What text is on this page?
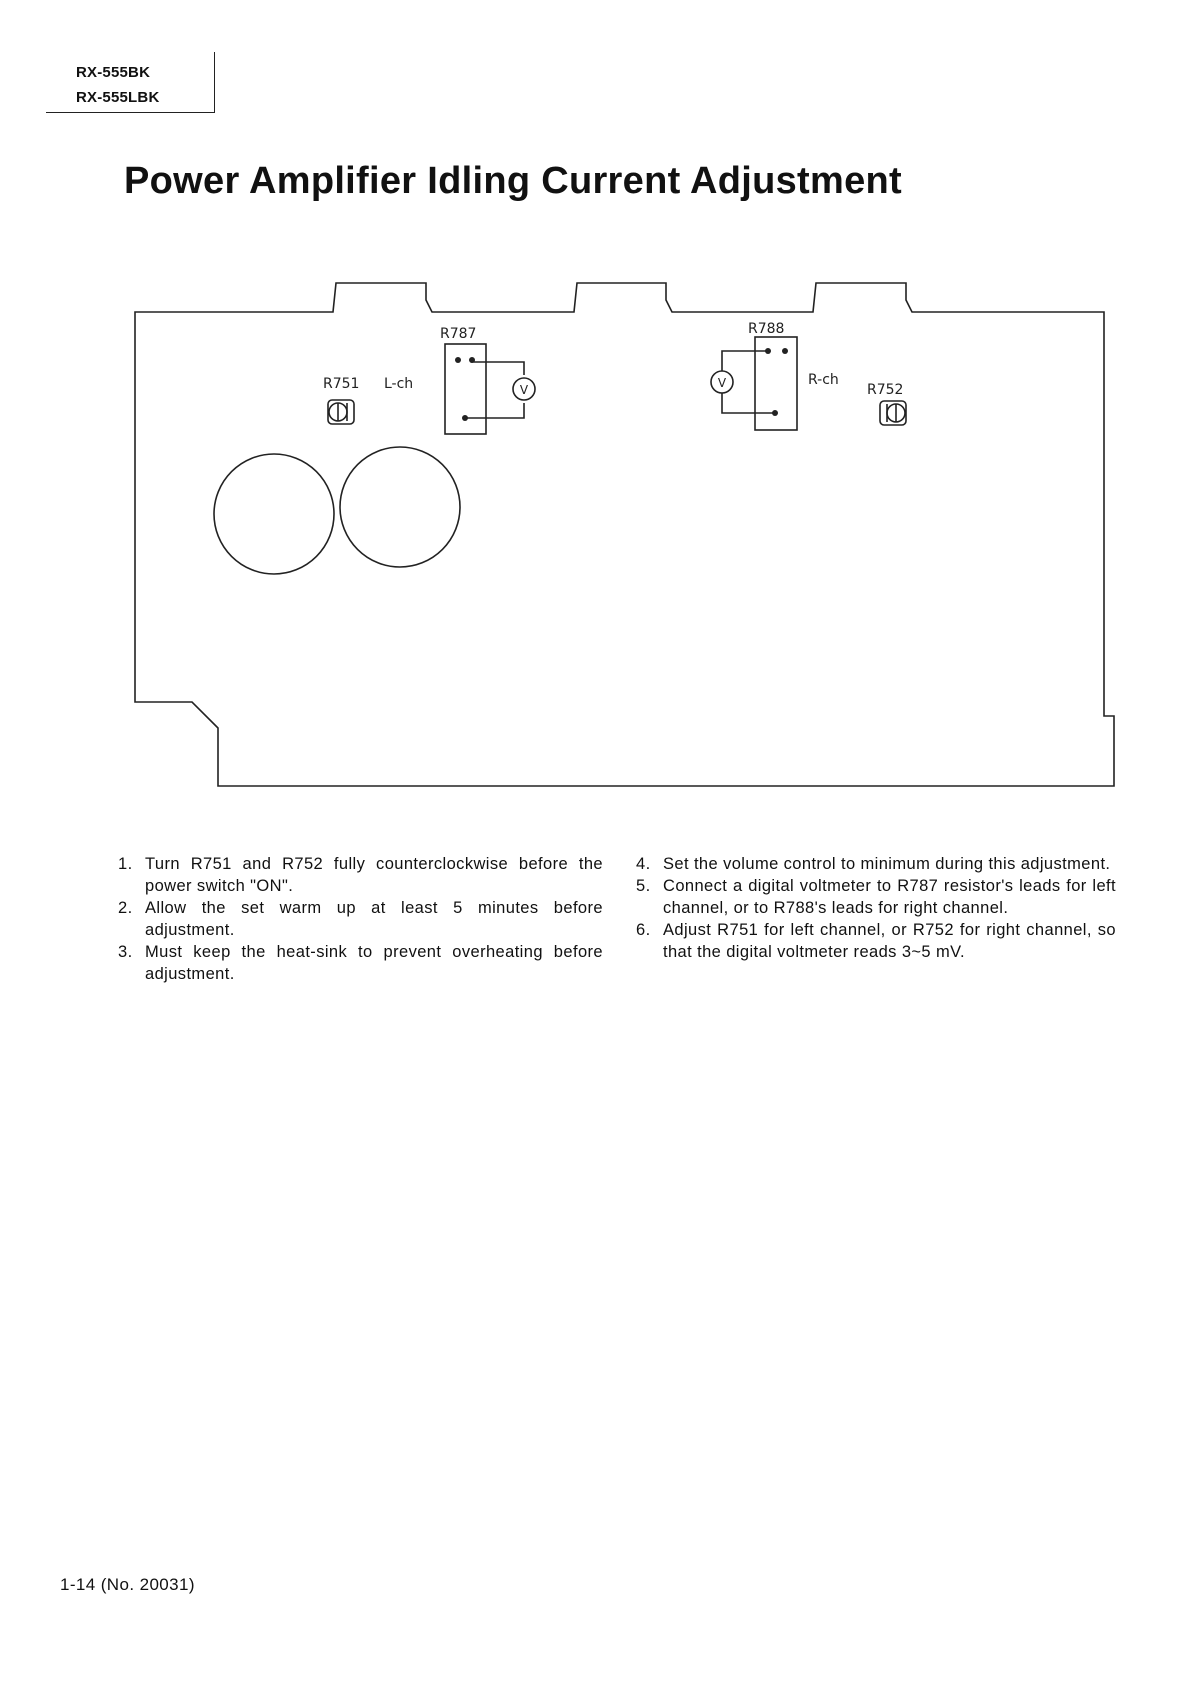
RX-555BK
RX-555LBK
Power Amplifier Idling Current Adjustment
R787	R788
R751	R752
L-ch	R-ch
V	V
1. Turn R751 and R752 fully counterclockwise before the power switch "ON".
2. Allow the set warm up at least 5 minutes before adjustment.
3. Must keep the heat-sink to prevent overheating before adjustment.
4. Set the volume control to minimum during this adjustment.
5. Connect a digital voltmeter to R787 resistor's leads for left channel, or to R788's leads for right channel.
6. Adjust R751 for left channel, or R752 for right channel, so that the digital voltmeter reads 3~5 mV.
1-14 (No. 20031)
